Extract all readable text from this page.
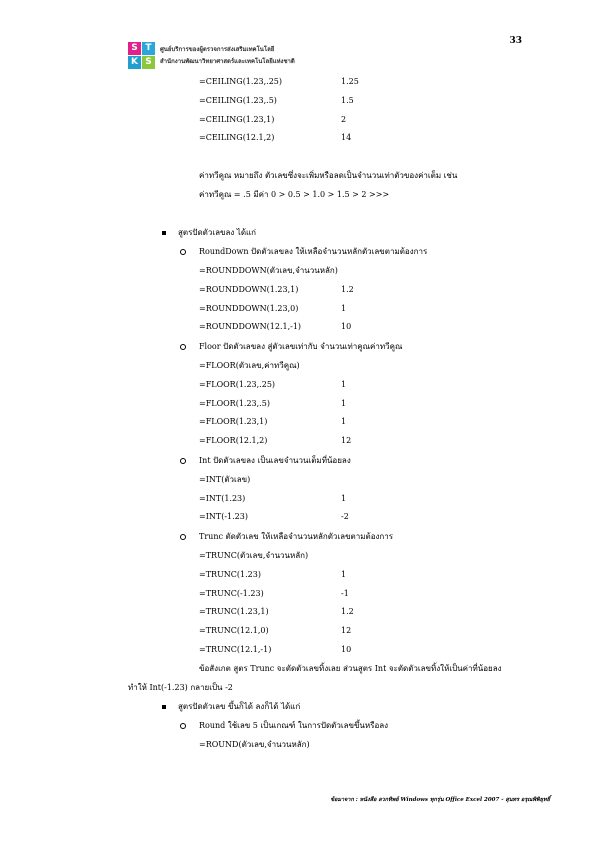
33
S T
K S
ศูนย์บริการของผู้ตรวจการส่งเสริมเทคโนโลยี
สำนักงานพัฒนาวิทยาศาสตร์และเทคโนโลยีแห่งชาติ
=CEILING(1.23,.25)	1.25
=CEILING(1.23,.5)	1.5
=CEILING(1.23,1)	2
=CEILING(12.1,2)	14
ค่าทวีคูณ หมายถึง ตัวเลขซึ่งจะเพิ่มหรือลดเป็นจำนวนเท่าตัวของค่าเต็ม เช่น
ค่าทวีคูณ = .5 มีค่า 0 > 0.5 > 1.0 > 1.5 > 2 >>>
สูตรปัดตัวเลขลง ได้แก่
RoundDown ปัดตัวเลขลง ให้เหลือจำนวนหลักตัวเลขตามต้องการ
=ROUNDDOWN(ตัวเลข,จำนวนหลัก)
=ROUNDDOWN(1.23,1)	1.2
=ROUNDDOWN(1.23,0)	1
=ROUNDDOWN(12.1,-1)	10
Floor ปัดตัวเลขลง สู่ตัวเลขเท่ากับ จำนวนเท่าคูณค่าทวีคูณ
=FLOOR(ตัวเลข,ค่าทวีคูณ)
=FLOOR(1.23,.25)	1
=FLOOR(1.23,.5)	1
=FLOOR(1.23,1)	1
=FLOOR(12.1,2)	12
Int ปัดตัวเลขลง เป็นเลขจำนวนเต็มที่น้อยลง
=INT(ตัวเลข)
=INT(1.23)	1
=INT(-1.23)	-2
Trunc ตัดตัวเลข ให้เหลือจำนวนหลักตัวเลขตามต้องการ
=TRUNC(ตัวเลข,จำนวนหลัก)
=TRUNC(1.23)	1
=TRUNC(-1.23)	-1
=TRUNC(1.23,1)	1.2
=TRUNC(12.1,0)	12
=TRUNC(12.1,-1)	10
ข้อสังเกต สูตร Trunc จะตัดตัวเลขทิ้งเลย ส่วนสูตร Int จะตัดตัวเลขทิ้งให้เป็นค่าที่น้อยลง
ทำให้ Int(-1.23) กลายเป็น -2
สูตรปัดตัวเลข ขึ้นก็ได้ ลงก็ได้ ได้แก่
Round ใช้เลข 5 เป็นเกณฑ์ ในการปัดตัวเลขขึ้นหรือลง
=ROUND(ตัวเลข,จำนวนหลัก)
ข้อมาจาก : หนังสือ ลวกทิพย์ Windows ทุกรุ่น Office Excel 2007 - สุนทร อรุณพิพิธุทธิ์
